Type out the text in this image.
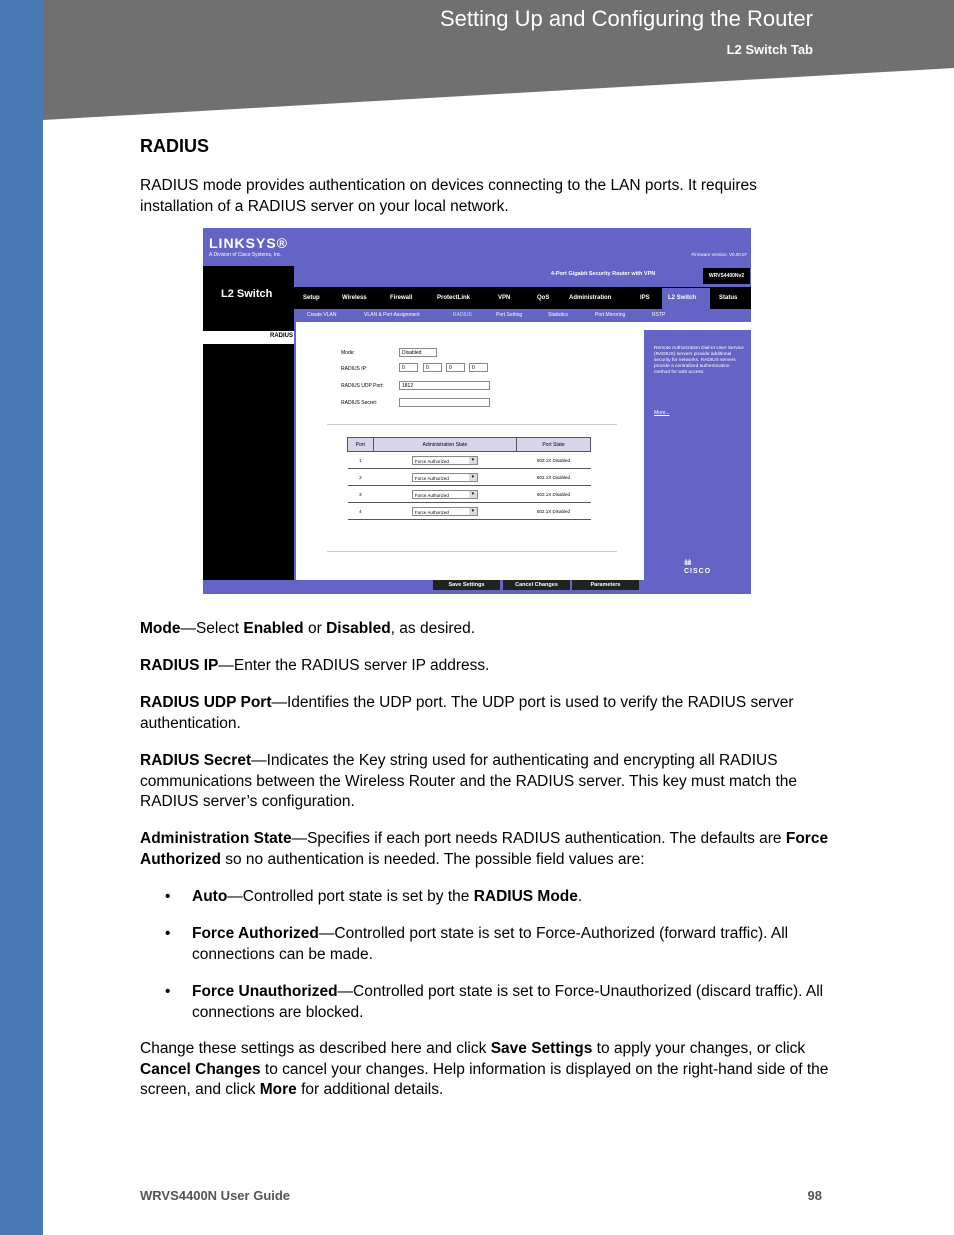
Setting Up and Configuring the Router
L2 Switch Tab
RADIUS
RADIUS mode provides authentication on devices connecting to the LAN ports. It requires installation of a RADIUS server on your local network.
LINKSYS®
A Division of Cisco Systems, Inc.	Firmware Version: V0.00.07
L2 Switch
4-Port Gigabit Security Router with VPN	WRVS4400Nv2
Setup	Wireless	Firewall	ProtectLink	VPN	QoS	Administration	IPS	L2 Switch	Status
Create VLAN	VLAN & Port Assignment	RADIUS	Port Setting	Statistics	Port Mirroring	RSTP
RADIUS
Mode:	Disabled
RADIUS IP:	0	0	0	0
RADIUS UDP Port:	1812
RADIUS Secret:
Port	Administration State	Port State
1	Force Authorized ▾	802.1X Disabled
2	Force Authorized ▾	802.1X Disabled
3	Force Authorized ▾	802.1X Disabled
4	Force Authorized ▾	802.1X Disabled
Remote Authorization Dial-In User Service (RADIUS) servers provide additional security for networks. RADIUS servers provide a centralized authentication method for web access.
More...
ılıılı
CISCO
Save Settings	Cancel Changes	Parameters
Mode—Select Enabled or Disabled, as desired.
RADIUS IP—Enter the RADIUS server IP address.
RADIUS UDP Port—Identifies the UDP port. The UDP port is used to verify the RADIUS server authentication.
RADIUS Secret—Indicates the Key string used for authenticating and encrypting all RADIUS communications between the Wireless Router and the RADIUS server. This key must match the RADIUS server’s configuration.
Administration State—Specifies if each port needs RADIUS authentication. The defaults are Force Authorized so no authentication is needed. The possible field values are:
• Auto—Controlled port state is set by the RADIUS Mode.
• Force Authorized—Controlled port state is set to Force-Authorized (forward traffic). All connections can be made.
• Force Unauthorized—Controlled port state is set to Force-Unauthorized (discard traffic). All connections are blocked.
Change these settings as described here and click Save Settings to apply your changes, or click Cancel Changes to cancel your changes. Help information is displayed on the right-hand side of the screen, and click More for additional details.
WRVS4400N User Guide	98
